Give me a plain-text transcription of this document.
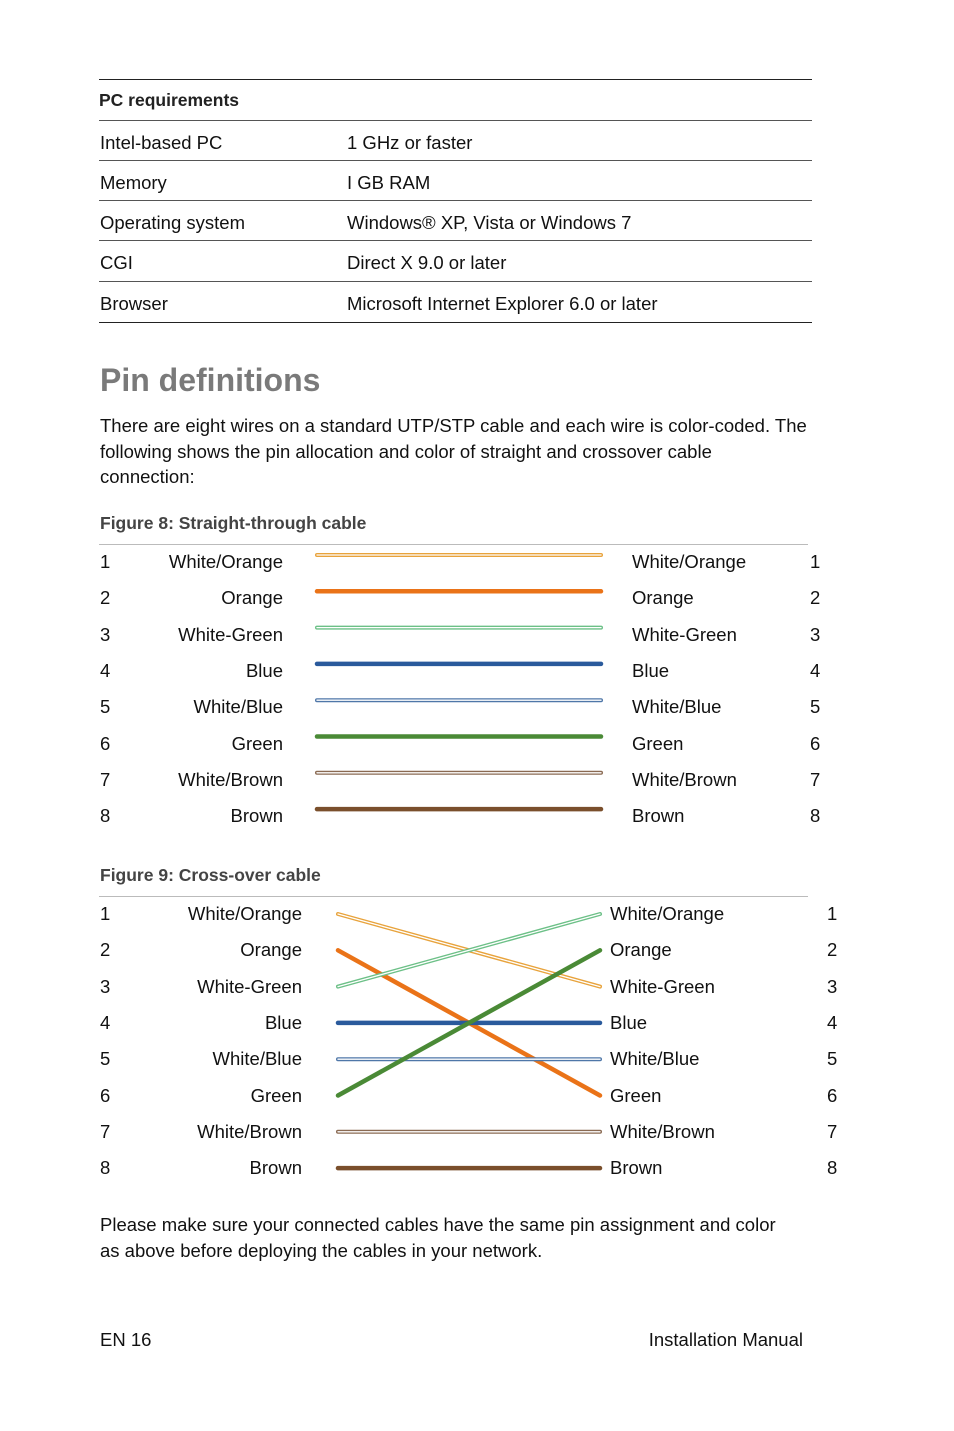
PC requirements
Intel-based PC	1 GHz or faster
Memory	I GB RAM
Operating system	Windows® XP, Vista or Windows 7
CGI	Direct X 9.0 or later
Browser	Microsoft Internet Explorer 6.0 or later
Pin definitions

There are eight wires on a standard UTP/STP cable and each wire is color-coded. The following shows the pin allocation and color of straight and crossover cable connection:

Figure 8: Straight-through cable
1	White/Orange	White/Orange	1
2	Orange	Orange	2
3	White-Green	White-Green	3
4	Blue	Blue	4
5	White/Blue	White/Blue	5
6	Green	Green	6
7	White/Brown	White/Brown	7
8	Brown	Brown	8
Figure 9: Cross-over cable
1	White/Orange	White/Orange	1
2	Orange	Orange	2
3	White-Green	White-Green	3
4	Blue	Blue	4
5	White/Blue	White/Blue	5
6	Green	Green	6
7	White/Brown	White/Brown	7
8	Brown	Brown	8

Please make sure your connected cables have the same pin assignment and color as above before deploying the cables in your network.

EN 16	Installation Manual
